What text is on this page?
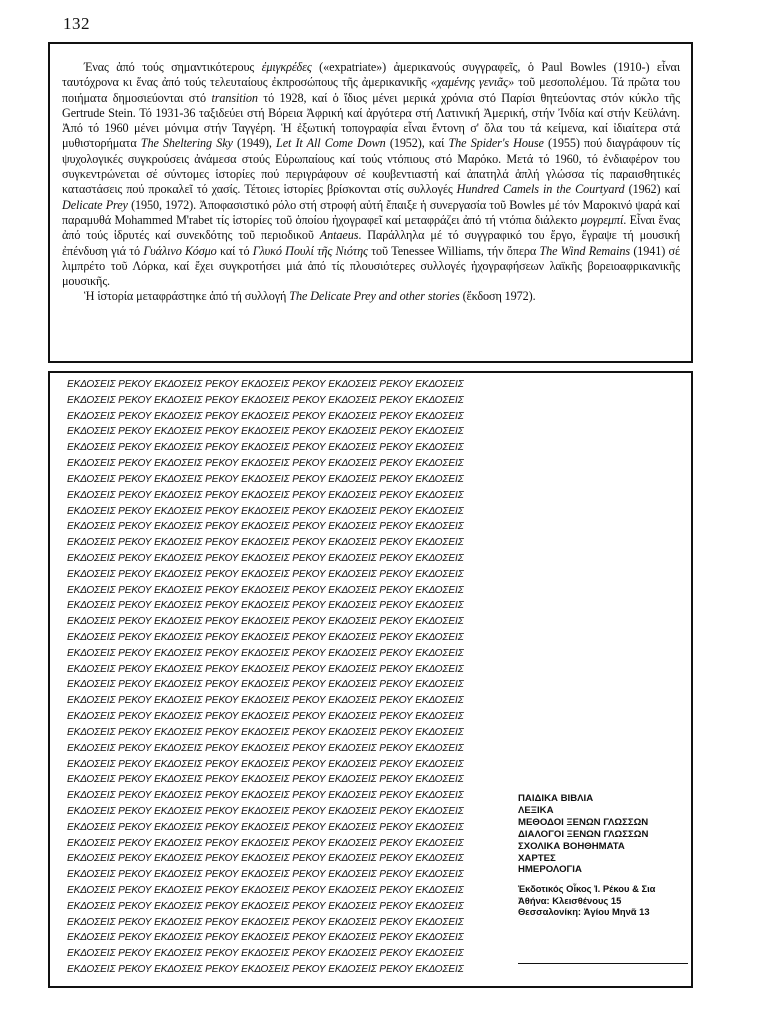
132

Ένας ἀπό τούς σημαντικότερους ἐμιγκρέδες («expatriate») ἀμερικανούς συγγραφεῖς, ὁ Paul Bowles (1910-) εἶναι ταυτόχρονα κι ἕνας ἀπό τούς τελευταίους ἐκπροσώπους τῆς ἀμερικανικῆς «χαμένης γενιᾶς» τοῦ μεσοπολέμου. Τά πρῶτα του ποιήματα δημοσιεύονται στό transition τό 1928, καί ὁ ἴδιος μένει μερικά χρόνια στό Παρίσι θητεύοντας στόν κύκλο τῆς Gertrude Stein. Τό 1931-36 ταξιδεύει στή Βόρεια Ἀφρική καί ἀργότερα στή Λατινική Ἀμερική, στήν Ἰνδία καί στήν Κεϋλάνη. Ἀπό τό 1960 μένει μόνιμα στήν Ταγγέρη. Ἡ ἐξωτική τοπογραφία εἶναι ἔντονη σ' ὅλα του τά κείμενα, καί ἰδιαίτερα στά μυθιστορήματα The Sheltering Sky (1949), Let It All Come Down (1952), καί The Spider's House (1955) πού διαγράφουν τίς ψυχολογικές συγκρούσεις ἀνάμεσα στούς Εὐρωπαίους καί τούς ντόπιους στό Μαρόκο. Μετά τό 1960, τό ἐνδιαφέρον του συγκεντρώνεται σέ σύντομες ἱστορίες πού περιγράφουν σέ κουβεντιαστή καί ἀπατηλά ἁπλή γλώσσα τίς παραισθητικές καταστάσεις πού προκαλεῖ τό χασίς. Τέτοιες ἱστορίες βρίσκονται στίς συλλογές Hundred Camels in the Courtyard (1962) καί Delicate Prey (1950, 1972). Ἀποφασιστικό ρόλο στή στροφή αὐτή ἔπαιξε ἡ συνεργασία τοῦ Bowles μέ τόν Μαροκινό ψαρά καί παραμυθά Mohammed M'rabet τίς ἱστορίες τοῦ ὁποίου ἠχογραφεῖ καί μεταφράζει ἀπό τή ντόπια διάλεκτο μογρεμπί. Εἶναι ἕνας ἀπό τούς ἱδρυτές καί συνεκδότης τοῦ περιοδικοῦ Antaeus. Παράλληλα μέ τό συγγραφικό του ἔργο, ἔγραψε τή μουσική ἐπένδυση γιά τό Γυάλινο Κόσμο καί τό Γλυκό Πουλί τῆς Νιότης τοῦ Tenessee Williams, τήν ὄπερα The Wind Remains (1941) σέ λιμπρέτο τοῦ Λόρκα, καί ἔχει συγκροτήσει μιά ἀπό τίς πλουσιότερες συλλογές ἠχογραφήσεων λαϊκῆς βορειοαφρικανικῆς μουσικῆς.

Ἡ ἱστορία μεταφράστηκε ἀπό τή συλλογή The Delicate Prey and other stories (ἔκδοση 1972).

ΕΚΔΟΣΕΙΣ ΡΕΚΟΥ ΕΚΔΟΣΕΙΣ ΡΕΚΟΥ ΕΚΔΟΣΕΙΣ ΡΕΚΟΥ ΕΚΔΟΣΕΙΣ ΡΕΚΟΥ ΕΚΔΟΣΕΙΣ
ΕΚΔΟΣΕΙΣ ΡΕΚΟΥ ΕΚΔΟΣΕΙΣ ΡΕΚΟΥ ΕΚΔΟΣΕΙΣ ΡΕΚΟΥ ΕΚΔΟΣΕΙΣ ΡΕΚΟΥ ΕΚΔΟΣΕΙΣ
ΕΚΔΟΣΕΙΣ ΡΕΚΟΥ ΕΚΔΟΣΕΙΣ ΡΕΚΟΥ ΕΚΔΟΣΕΙΣ ΡΕΚΟΥ ΕΚΔΟΣΕΙΣ ΡΕΚΟΥ ΕΚΔΟΣΕΙΣ
ΕΚΔΟΣΕΙΣ ΡΕΚΟΥ ΕΚΔΟΣΕΙΣ ΡΕΚΟΥ ΕΚΔΟΣΕΙΣ ΡΕΚΟΥ ΕΚΔΟΣΕΙΣ ΡΕΚΟΥ ΕΚΔΟΣΕΙΣ
ΕΚΔΟΣΕΙΣ ΡΕΚΟΥ ΕΚΔΟΣΕΙΣ ΡΕΚΟΥ ΕΚΔΟΣΕΙΣ ΡΕΚΟΥ ΕΚΔΟΣΕΙΣ ΡΕΚΟΥ ΕΚΔΟΣΕΙΣ
ΕΚΔΟΣΕΙΣ ΡΕΚΟΥ ΕΚΔΟΣΕΙΣ ΡΕΚΟΥ ΕΚΔΟΣΕΙΣ ΡΕΚΟΥ ΕΚΔΟΣΕΙΣ ΡΕΚΟΥ ΕΚΔΟΣΕΙΣ
ΕΚΔΟΣΕΙΣ ΡΕΚΟΥ ΕΚΔΟΣΕΙΣ ΡΕΚΟΥ ΕΚΔΟΣΕΙΣ ΡΕΚΟΥ ΕΚΔΟΣΕΙΣ ΡΕΚΟΥ ΕΚΔΟΣΕΙΣ
ΕΚΔΟΣΕΙΣ ΡΕΚΟΥ ΕΚΔΟΣΕΙΣ ΡΕΚΟΥ ΕΚΔΟΣΕΙΣ ΡΕΚΟΥ ΕΚΔΟΣΕΙΣ ΡΕΚΟΥ ΕΚΔΟΣΕΙΣ
ΕΚΔΟΣΕΙΣ ΡΕΚΟΥ ΕΚΔΟΣΕΙΣ ΡΕΚΟΥ ΕΚΔΟΣΕΙΣ ΡΕΚΟΥ ΕΚΔΟΣΕΙΣ ΡΕΚΟΥ ΕΚΔΟΣΕΙΣ
ΕΚΔΟΣΕΙΣ ΡΕΚΟΥ ΕΚΔΟΣΕΙΣ ΡΕΚΟΥ ΕΚΔΟΣΕΙΣ ΡΕΚΟΥ ΕΚΔΟΣΕΙΣ ΡΕΚΟΥ ΕΚΔΟΣΕΙΣ
ΕΚΔΟΣΕΙΣ ΡΕΚΟΥ ΕΚΔΟΣΕΙΣ ΡΕΚΟΥ ΕΚΔΟΣΕΙΣ ΡΕΚΟΥ ΕΚΔΟΣΕΙΣ ΡΕΚΟΥ ΕΚΔΟΣΕΙΣ
ΕΚΔΟΣΕΙΣ ΡΕΚΟΥ ΕΚΔΟΣΕΙΣ ΡΕΚΟΥ ΕΚΔΟΣΕΙΣ ΡΕΚΟΥ ΕΚΔΟΣΕΙΣ ΡΕΚΟΥ ΕΚΔΟΣΕΙΣ
ΕΚΔΟΣΕΙΣ ΡΕΚΟΥ ΕΚΔΟΣΕΙΣ ΡΕΚΟΥ ΕΚΔΟΣΕΙΣ ΡΕΚΟΥ ΕΚΔΟΣΕΙΣ ΡΕΚΟΥ ΕΚΔΟΣΕΙΣ
ΕΚΔΟΣΕΙΣ ΡΕΚΟΥ ΕΚΔΟΣΕΙΣ ΡΕΚΟΥ ΕΚΔΟΣΕΙΣ ΡΕΚΟΥ ΕΚΔΟΣΕΙΣ ΡΕΚΟΥ ΕΚΔΟΣΕΙΣ
ΕΚΔΟΣΕΙΣ ΡΕΚΟΥ ΕΚΔΟΣΕΙΣ ΡΕΚΟΥ ΕΚΔΟΣΕΙΣ ΡΕΚΟΥ ΕΚΔΟΣΕΙΣ ΡΕΚΟΥ ΕΚΔΟΣΕΙΣ
ΕΚΔΟΣΕΙΣ ΡΕΚΟΥ ΕΚΔΟΣΕΙΣ ΡΕΚΟΥ ΕΚΔΟΣΕΙΣ ΡΕΚΟΥ ΕΚΔΟΣΕΙΣ ΡΕΚΟΥ ΕΚΔΟΣΕΙΣ
ΕΚΔΟΣΕΙΣ ΡΕΚΟΥ ΕΚΔΟΣΕΙΣ ΡΕΚΟΥ ΕΚΔΟΣΕΙΣ ΡΕΚΟΥ ΕΚΔΟΣΕΙΣ ΡΕΚΟΥ ΕΚΔΟΣΕΙΣ
ΕΚΔΟΣΕΙΣ ΡΕΚΟΥ ΕΚΔΟΣΕΙΣ ΡΕΚΟΥ ΕΚΔΟΣΕΙΣ ΡΕΚΟΥ ΕΚΔΟΣΕΙΣ ΡΕΚΟΥ ΕΚΔΟΣΕΙΣ
ΕΚΔΟΣΕΙΣ ΡΕΚΟΥ ΕΚΔΟΣΕΙΣ ΡΕΚΟΥ ΕΚΔΟΣΕΙΣ ΡΕΚΟΥ ΕΚΔΟΣΕΙΣ ΡΕΚΟΥ ΕΚΔΟΣΕΙΣ
ΕΚΔΟΣΕΙΣ ΡΕΚΟΥ ΕΚΔΟΣΕΙΣ ΡΕΚΟΥ ΕΚΔΟΣΕΙΣ ΡΕΚΟΥ ΕΚΔΟΣΕΙΣ ΡΕΚΟΥ ΕΚΔΟΣΕΙΣ
ΕΚΔΟΣΕΙΣ ΡΕΚΟΥ ΕΚΔΟΣΕΙΣ ΡΕΚΟΥ ΕΚΔΟΣΕΙΣ ΡΕΚΟΥ ΕΚΔΟΣΕΙΣ ΡΕΚΟΥ ΕΚΔΟΣΕΙΣ
ΕΚΔΟΣΕΙΣ ΡΕΚΟΥ ΕΚΔΟΣΕΙΣ ΡΕΚΟΥ ΕΚΔΟΣΕΙΣ ΡΕΚΟΥ ΕΚΔΟΣΕΙΣ ΡΕΚΟΥ ΕΚΔΟΣΕΙΣ
ΕΚΔΟΣΕΙΣ ΡΕΚΟΥ ΕΚΔΟΣΕΙΣ ΡΕΚΟΥ ΕΚΔΟΣΕΙΣ ΡΕΚΟΥ ΕΚΔΟΣΕΙΣ ΡΕΚΟΥ ΕΚΔΟΣΕΙΣ
ΕΚΔΟΣΕΙΣ ΡΕΚΟΥ ΕΚΔΟΣΕΙΣ ΡΕΚΟΥ ΕΚΔΟΣΕΙΣ ΡΕΚΟΥ ΕΚΔΟΣΕΙΣ ΡΕΚΟΥ ΕΚΔΟΣΕΙΣ
ΕΚΔΟΣΕΙΣ ΡΕΚΟΥ ΕΚΔΟΣΕΙΣ ΡΕΚΟΥ ΕΚΔΟΣΕΙΣ ΡΕΚΟΥ ΕΚΔΟΣΕΙΣ ΡΕΚΟΥ ΕΚΔΟΣΕΙΣ
ΕΚΔΟΣΕΙΣ ΡΕΚΟΥ ΕΚΔΟΣΕΙΣ ΡΕΚΟΥ ΕΚΔΟΣΕΙΣ ΡΕΚΟΥ ΕΚΔΟΣΕΙΣ ΡΕΚΟΥ ΕΚΔΟΣΕΙΣ
ΕΚΔΟΣΕΙΣ ΡΕΚΟΥ ΕΚΔΟΣΕΙΣ ΡΕΚΟΥ ΕΚΔΟΣΕΙΣ ΡΕΚΟΥ ΕΚΔΟΣΕΙΣ ΡΕΚΟΥ ΕΚΔΟΣΕΙΣ
ΕΚΔΟΣΕΙΣ ΡΕΚΟΥ ΕΚΔΟΣΕΙΣ ΡΕΚΟΥ ΕΚΔΟΣΕΙΣ ΡΕΚΟΥ ΕΚΔΟΣΕΙΣ ΡΕΚΟΥ ΕΚΔΟΣΕΙΣ
ΕΚΔΟΣΕΙΣ ΡΕΚΟΥ ΕΚΔΟΣΕΙΣ ΡΕΚΟΥ ΕΚΔΟΣΕΙΣ ΡΕΚΟΥ ΕΚΔΟΣΕΙΣ ΡΕΚΟΥ ΕΚΔΟΣΕΙΣ
ΕΚΔΟΣΕΙΣ ΡΕΚΟΥ ΕΚΔΟΣΕΙΣ ΡΕΚΟΥ ΕΚΔΟΣΕΙΣ ΡΕΚΟΥ ΕΚΔΟΣΕΙΣ ΡΕΚΟΥ ΕΚΔΟΣΕΙΣ
ΕΚΔΟΣΕΙΣ ΡΕΚΟΥ ΕΚΔΟΣΕΙΣ ΡΕΚΟΥ ΕΚΔΟΣΕΙΣ ΡΕΚΟΥ ΕΚΔΟΣΕΙΣ ΡΕΚΟΥ ΕΚΔΟΣΕΙΣ
ΕΚΔΟΣΕΙΣ ΡΕΚΟΥ ΕΚΔΟΣΕΙΣ ΡΕΚΟΥ ΕΚΔΟΣΕΙΣ ΡΕΚΟΥ ΕΚΔΟΣΕΙΣ ΡΕΚΟΥ ΕΚΔΟΣΕΙΣ
ΕΚΔΟΣΕΙΣ ΡΕΚΟΥ ΕΚΔΟΣΕΙΣ ΡΕΚΟΥ ΕΚΔΟΣΕΙΣ ΡΕΚΟΥ ΕΚΔΟΣΕΙΣ ΡΕΚΟΥ ΕΚΔΟΣΕΙΣ
ΕΚΔΟΣΕΙΣ ΡΕΚΟΥ ΕΚΔΟΣΕΙΣ ΡΕΚΟΥ ΕΚΔΟΣΕΙΣ ΡΕΚΟΥ ΕΚΔΟΣΕΙΣ ΡΕΚΟΥ ΕΚΔΟΣΕΙΣ
ΕΚΔΟΣΕΙΣ ΡΕΚΟΥ ΕΚΔΟΣΕΙΣ ΡΕΚΟΥ ΕΚΔΟΣΕΙΣ ΡΕΚΟΥ ΕΚΔΟΣΕΙΣ ΡΕΚΟΥ ΕΚΔΟΣΕΙΣ
ΕΚΔΟΣΕΙΣ ΡΕΚΟΥ ΕΚΔΟΣΕΙΣ ΡΕΚΟΥ ΕΚΔΟΣΕΙΣ ΡΕΚΟΥ ΕΚΔΟΣΕΙΣ ΡΕΚΟΥ ΕΚΔΟΣΕΙΣ
ΕΚΔΟΣΕΙΣ ΡΕΚΟΥ ΕΚΔΟΣΕΙΣ ΡΕΚΟΥ ΕΚΔΟΣΕΙΣ ΡΕΚΟΥ ΕΚΔΟΣΕΙΣ ΡΕΚΟΥ ΕΚΔΟΣΕΙΣ
ΕΚΔΟΣΕΙΣ ΡΕΚΟΥ ΕΚΔΟΣΕΙΣ ΡΕΚΟΥ ΕΚΔΟΣΕΙΣ ΡΕΚΟΥ ΕΚΔΟΣΕΙΣ ΡΕΚΟΥ ΕΚΔΟΣΕΙΣ
ΠΑΙΔΙΚΑ ΒΙΒΛΙΑ
ΛΕΞΙΚΑ
ΜΕΘΟΔΟΙ ΞΕΝΩΝ ΓΛΩΣΣΩΝ
ΔΙΑΛΟΓΟΙ ΞΕΝΩΝ ΓΛΩΣΣΩΝ
ΣΧΟΛΙΚΑ ΒΟΗΘΗΜΑΤΑ
ΧΑΡΤΕΣ
ΗΜΕΡΟΛΟΓΙΑ
Ἐκδοτικός Οἶκος Ἰ. Ρέκου & Σια
Ἀθήνα: Κλεισθένους 15
Θεσσαλονίκη: Ἁγίου Μηνᾶ 13
